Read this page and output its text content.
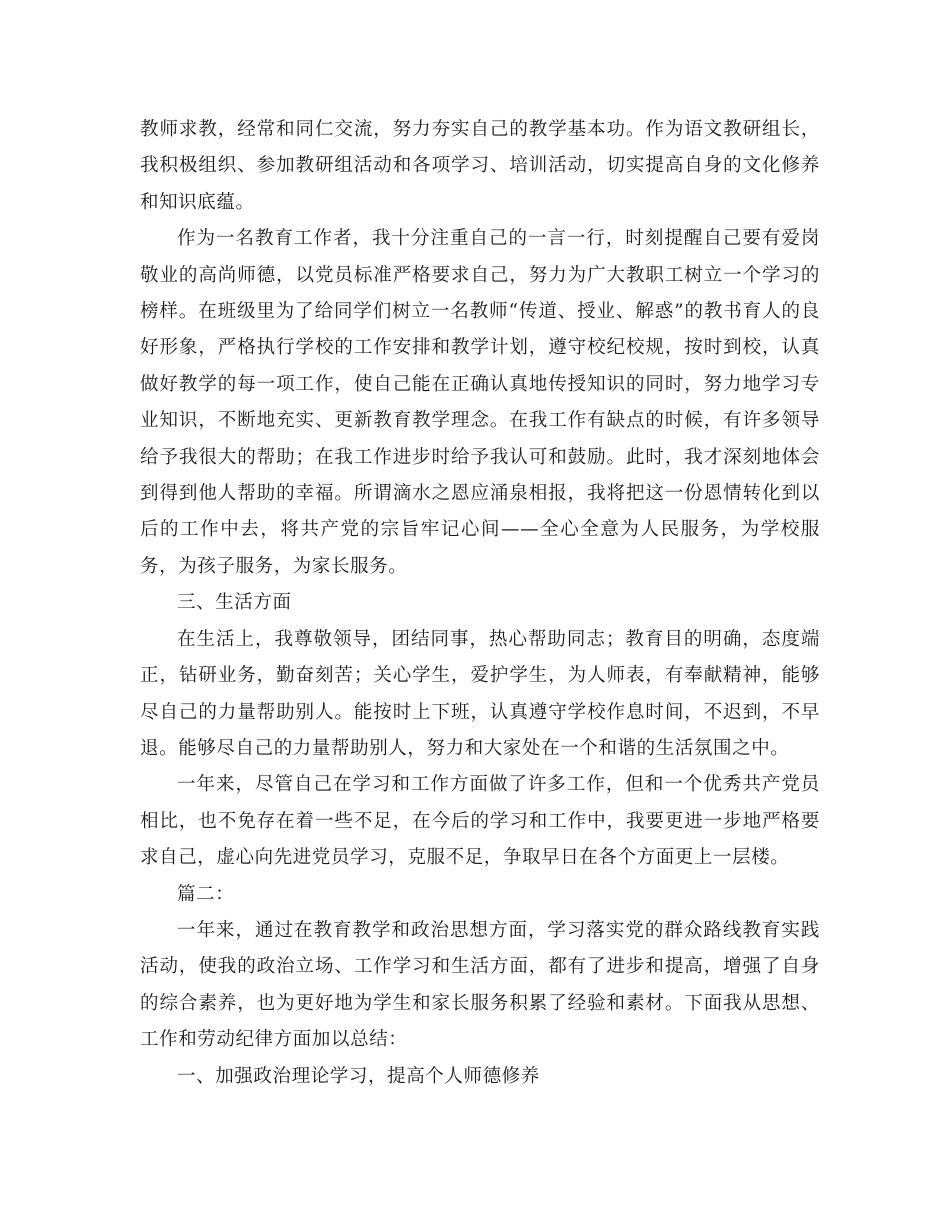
教师求教，经常和同仁交流，努力夯实自己的教学基本功。作为语文教研组长，我积极组织、参加教研组活动和各项学习、培训活动，切实提高自身的文化修养和知识底蕴。

作为一名教育工作者，我十分注重自己的一言一行，时刻提醒自己要有爱岗敬业的高尚师德，以党员标准严格要求自己，努力为广大教职工树立一个学习的榜样。在班级里为了给同学们树立一名教师“传道、授业、解惑”的教书育人的良好形象，严格执行学校的工作安排和教学计划，遵守校纪校规，按时到校，认真做好教学的每一项工作，使自己能在正确认真地传授知识的同时，努力地学习专业知识，不断地充实、更新教育教学理念。在我工作有缺点的时候，有许多领导给予我很大的帮助；在我工作进步时给予我认可和鼓励。此时，我才深刻地体会到得到他人帮助的幸福。所谓滴水之恩应涌泉相报，我将把这一份恩情转化到以后的工作中去，将共产党的宗旨牢记心间——全心全意为人民服务，为学校服务，为孩子服务，为家长服务。

三、生活方面

在生活上，我尊敬领导，团结同事，热心帮助同志；教育目的明确，态度端正，钻研业务，勤奋刻苦；关心学生，爱护学生，为人师表，有奉献精神，能够尽自己的力量帮助别人。能按时上下班，认真遵守学校作息时间，不迟到，不早退。能够尽自己的力量帮助别人，努力和大家处在一个和谐的生活氛围之中。

一年来，尽管自己在学习和工作方面做了许多工作，但和一个优秀共产党员相比，也不免存在着一些不足，在今后的学习和工作中，我要更进一步地严格要求自己，虚心向先进党员学习，克服不足，争取早日在各个方面更上一层楼。

篇二：

一年来，通过在教育教学和政治思想方面，学习落实党的群众路线教育实践活动，使我的政治立场、工作学习和生活方面，都有了进步和提高，增强了自身的综合素养，也为更好地为学生和家长服务积累了经验和素材。下面我从思想、工作和劳动纪律方面加以总结：

一、加强政治理论学习，提高个人师德修养
